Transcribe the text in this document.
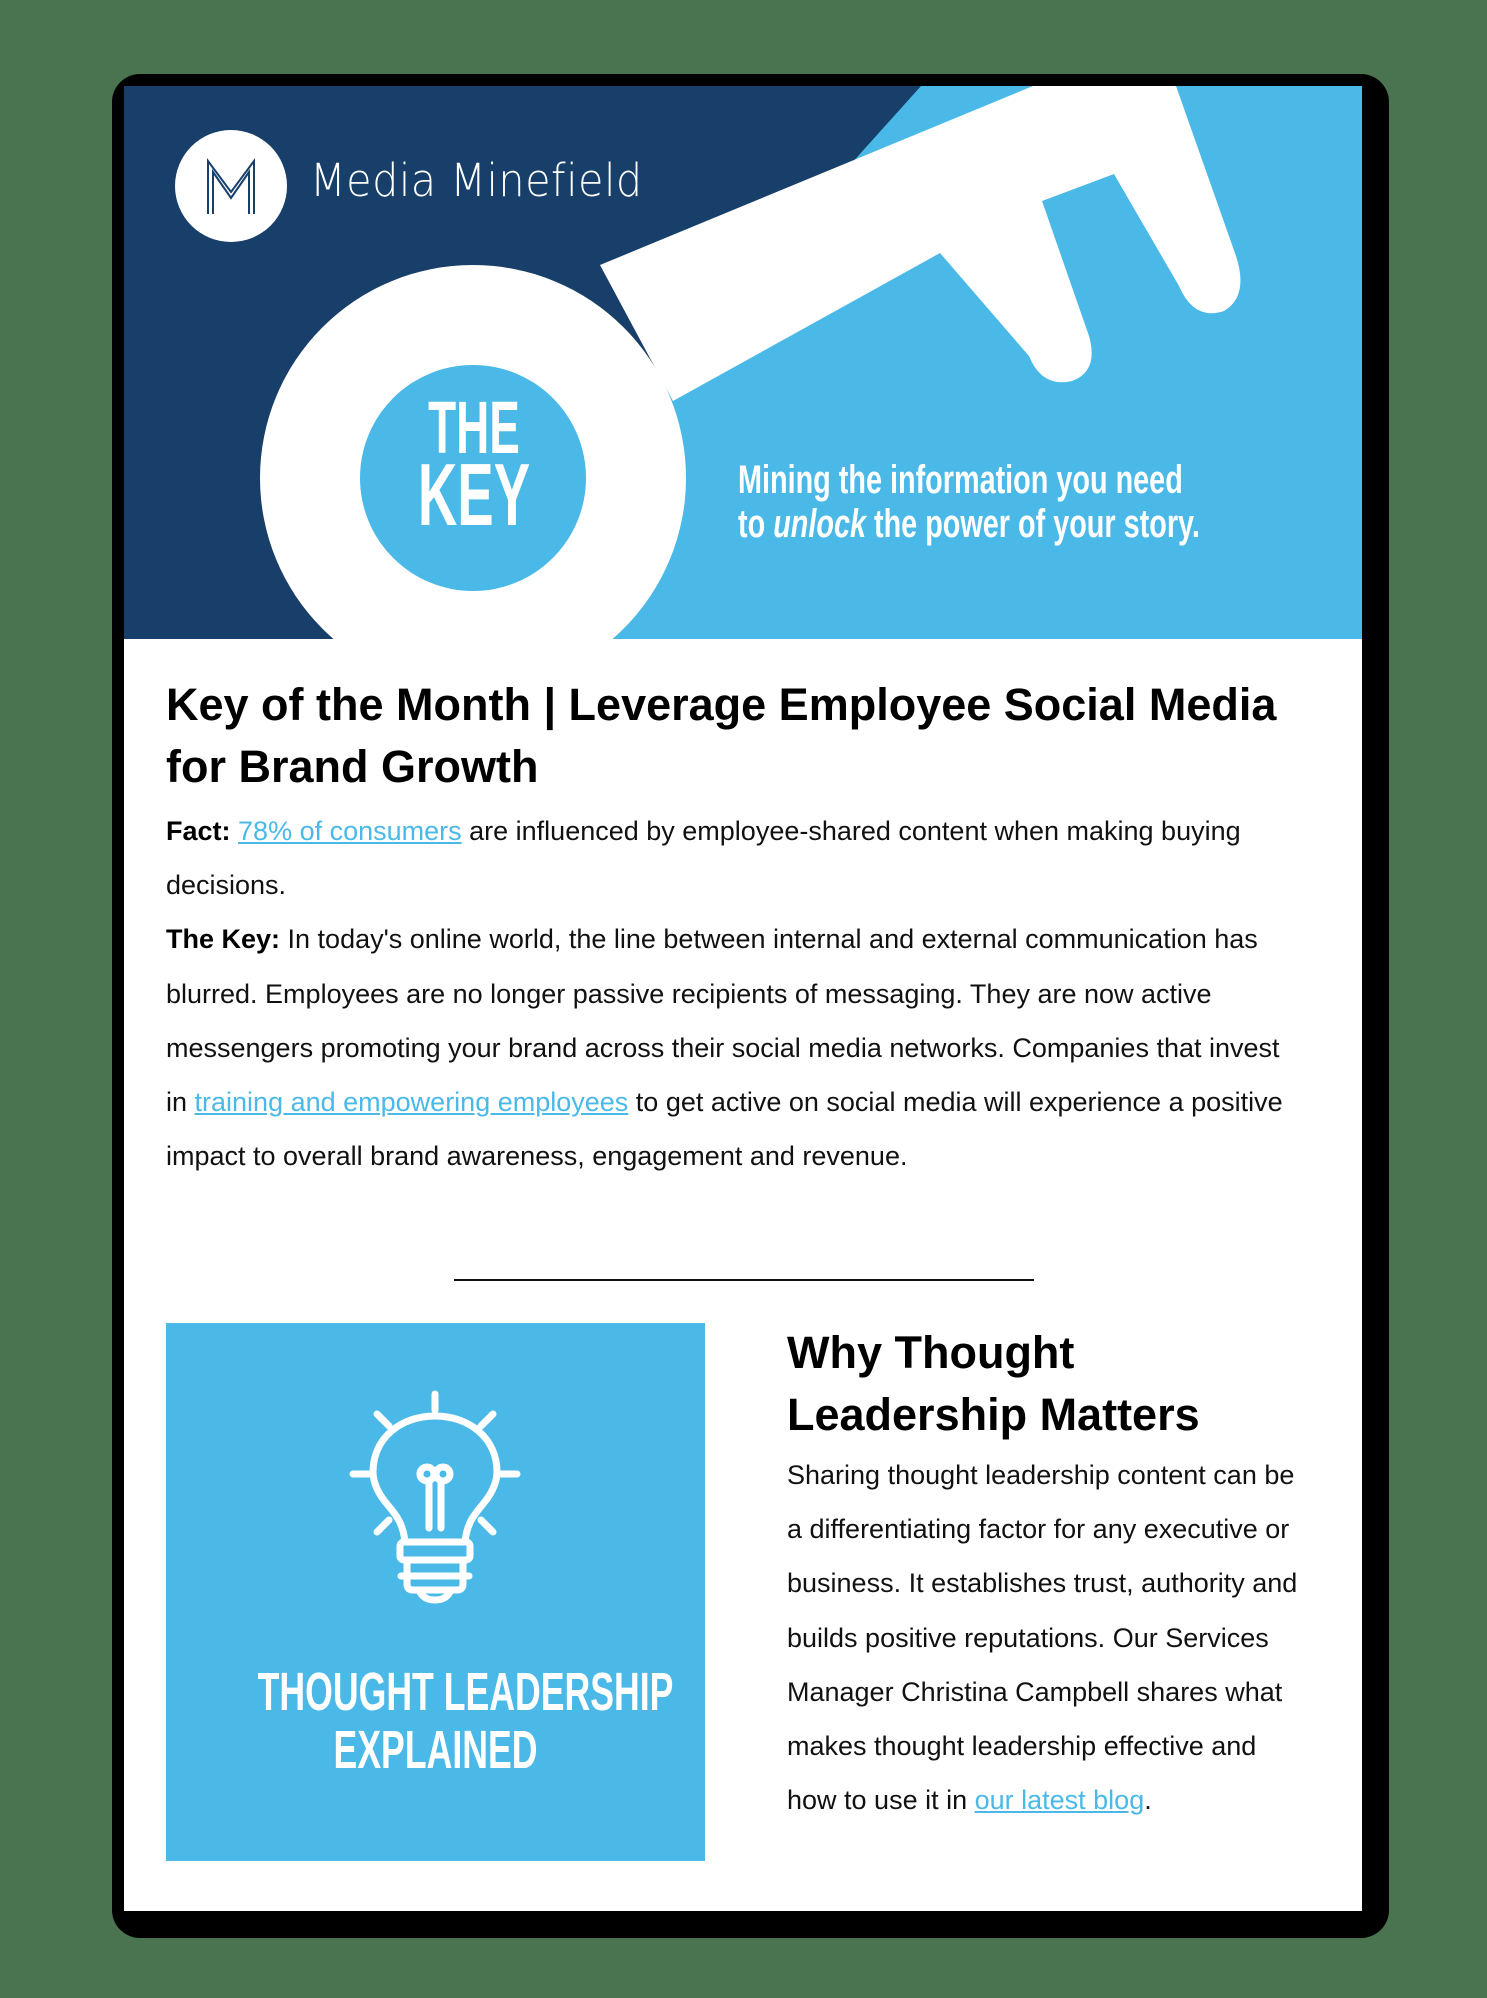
Media Minefield
THE
KEY	Mining the information you need
to unlock the power of your story.
Key of the Month | Leverage Employee Social Media for Brand Growth
Fact: 78% of consumers are influenced by employee-shared content when making buying decisions.
The Key: In today's online world, the line between internal and external communication has blurred. Employees are no longer passive recipients of messaging. They are now active messengers promoting your brand across their social media networks. Companies that invest in training and empowering employees to get active on social media will experience a positive impact to overall brand awareness, engagement and revenue.
THOUGHT LEADERSHIP
EXPLAINED
Why Thought Leadership Matters
Sharing thought leadership content can be a differentiating factor for any executive or business. It establishes trust, authority and builds positive reputations. Our Services Manager Christina Campbell shares what makes thought leadership effective and how to use it in our latest blog.
